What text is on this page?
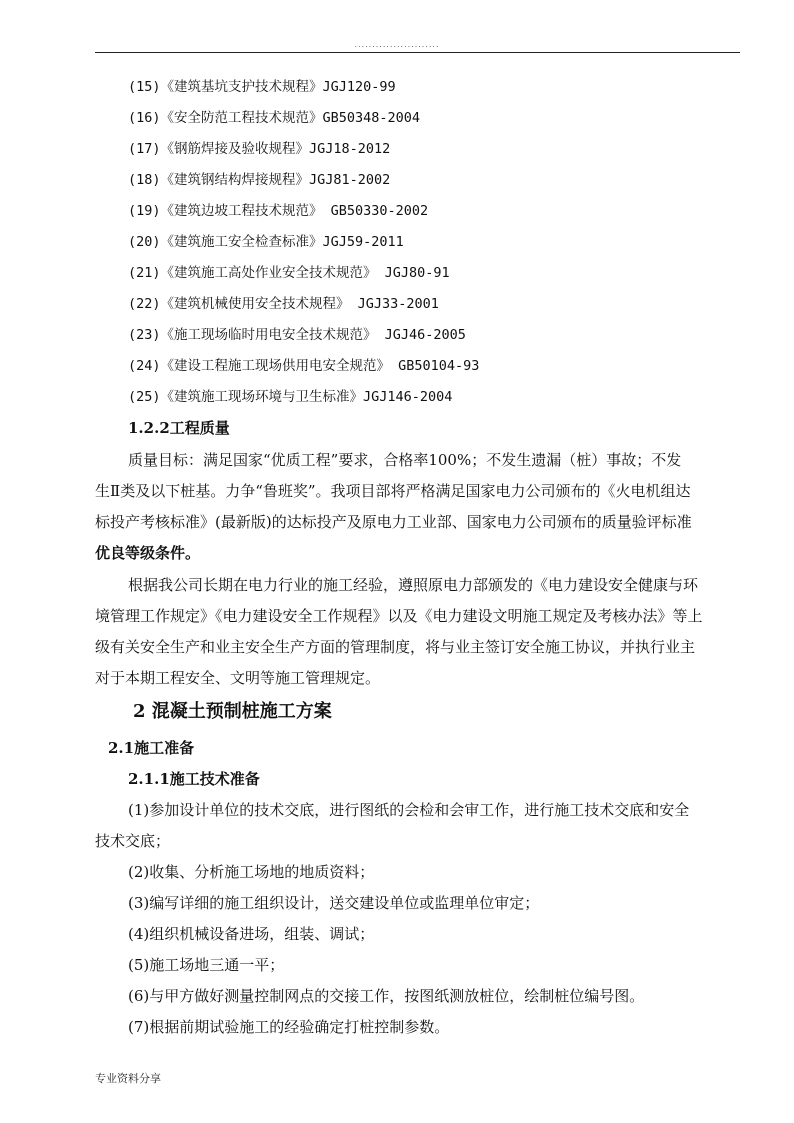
........................
(15)《建筑基坑支护技术规程》JGJ120-99
(16)《安全防范工程技术规范》GB50348-2004
(17)《钢筋焊接及验收规程》JGJ18-2012
(18)《建筑钢结构焊接规程》JGJ81-2002
(19)《建筑边坡工程技术规范》 GB50330-2002
(20)《建筑施工安全检查标准》JGJ59-2011
(21)《建筑施工高处作业安全技术规范》 JGJ80-91
(22)《建筑机械使用安全技术规程》 JGJ33-2001
(23)《施工现场临时用电安全技术规范》 JGJ46-2005
(24)《建设工程施工现场供用电安全规范》 GB50104-93
(25)《建筑施工现场环境与卫生标准》JGJ146-2004
1.2.2工程质量
质量目标：满足国家“优质工程”要求，合格率100%；不发生遗漏（桩）事故；不发
生Ⅱ类及以下桩基。力争“鲁班奖”。我项目部将严格满足国家电力公司颁布的《火电机组达
标投产考核标准》(最新版)的达标投产及原电力工业部、国家电力公司颁布的质量验评标准
优良等级条件。
根据我公司长期在电力行业的施工经验，遵照原电力部颁发的《电力建设安全健康与环
境管理工作规定》《电力建设安全工作规程》以及《电力建设文明施工规定及考核办法》等上
级有关安全生产和业主安全生产方面的管理制度，将与业主签订安全施工协议，并执行业主
对于本期工程安全、文明等施工管理规定。
2 混凝土预制桩施工方案
2.1施工准备
2.1.1施工技术准备
(1)参加设计单位的技术交底，进行图纸的会检和会审工作，进行施工技术交底和安全
技术交底；
(2)收集、分析施工场地的地质资料；
(3)编写详细的施工组织设计，送交建设单位或监理单位审定；
(4)组织机械设备进场，组装、调试；
(5)施工场地三通一平；
(6)与甲方做好测量控制网点的交接工作，按图纸测放桩位，绘制桩位编号图。
(7)根据前期试验施工的经验确定打桩控制参数。
专业资料分享
